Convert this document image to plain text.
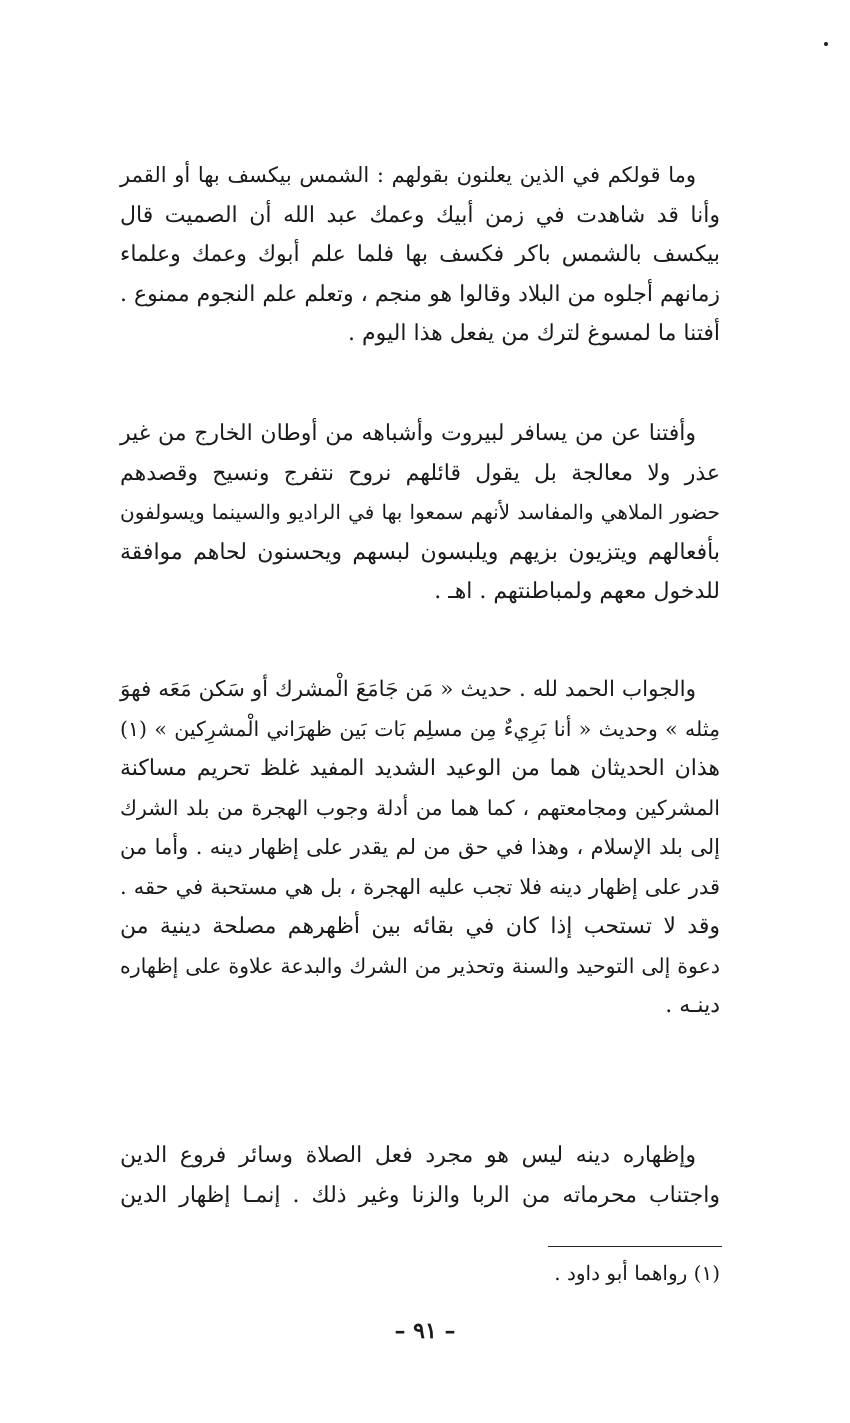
وما قولكم في الذين يعلنون بقولهم : الشمس بيكسف بها أو القمر
وأنا قد شاهدت في زمن أبيك وعمك عبد الله أن الصميت قال
بيكسف بالشمس باكر فكسف بها فلما علم أبوك وعمك وعلماء
زمانهم أجلوه من البلاد وقالوا هو منجم ، وتعلم علم النجوم ممنوع .
أفتنا ما لمسوغ لترك من يفعل هذا اليوم .
وأفتنا عن من يسافر لبيروت وأشباهه من أوطان الخارج من غير
عذر ولا معالجة بل يقول قائلهم نروح نتفرج ونسيح وقصدهم
حضور الملاهي والمفاسد لأنهم سمعوا بها في الراديو والسينما ويسولفون
بأفعالهم ويتزيون بزيهم ويلبسون لبسهم ويحسنون لحاهم موافقة
للدخول معهم ولمباطنتهم . اهـ .
والجواب الحمد لله . حديث « مَن جَامَعَ الْمشرك أو سَكن مَعَه فهوَ
مِثله » وحديث « أنا بَرِيءٌ مِن مسلِم بَات بَين ظهرَاني الْمشرِكين » (١)
هذان الحديثان هما من الوعيد الشديد المفيد غلظ تحريم مساكنة
المشركين ومجامعتهم ، كما هما من أدلة وجوب الهجرة من بلد الشرك
إلى بلد الإسلام ، وهذا في حق من لم يقدر على إظهار دينه . وأما من
قدر على إظهار دينه فلا تجب عليه الهجرة ، بل هي مستحبة في حقه .
وقد لا تستحب إذا كان في بقائه بين أظهرهم مصلحة دينية من
دعوة إلى التوحيد والسنة وتحذير من الشرك والبدعة علاوة على إظهاره
دينـه .
وإظهاره دينه ليس هو مجرد فعل الصلاة وسائر فروع الدين
واجتناب محرماته من الربا والزنا وغير ذلك . إنمـا إظهار الدين
(١) رواهما أبو داود .
– ٩١ –
